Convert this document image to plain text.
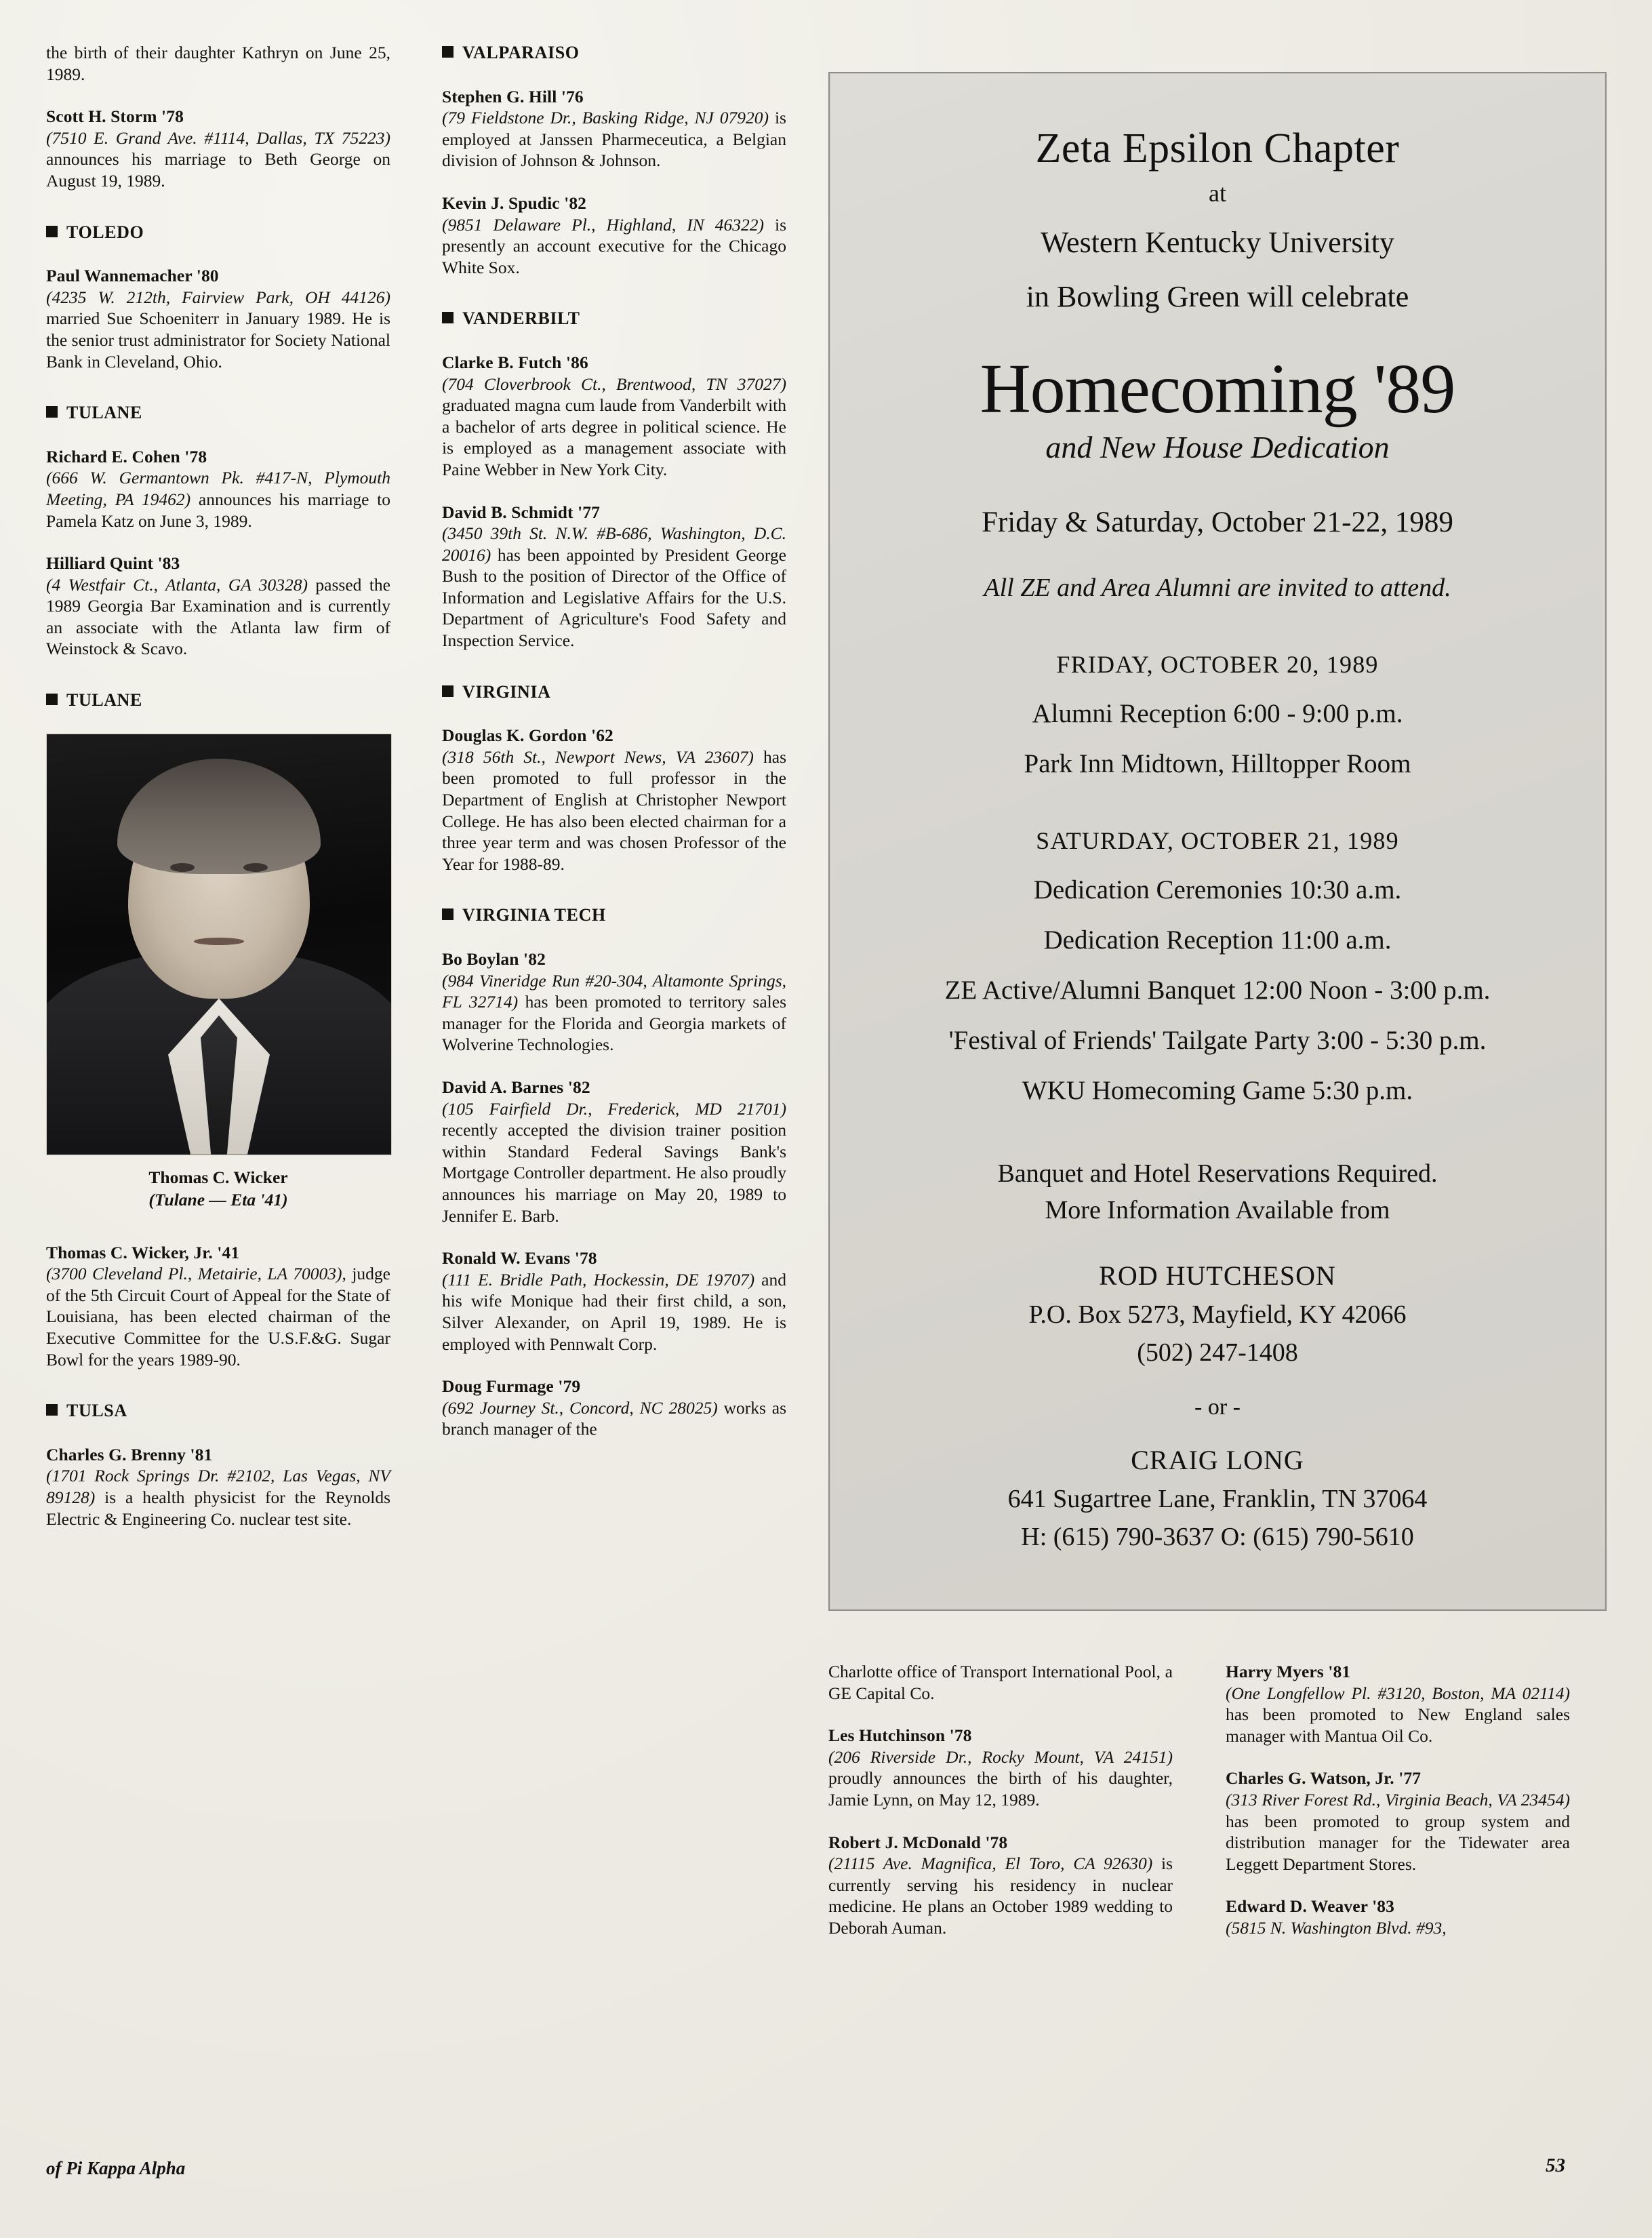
the birth of their daughter Kathryn on June 25, 1989.

Scott H. Storm '78
(7510 E. Grand Ave. #1114, Dallas, TX 75223) announces his marriage to Beth George on August 19, 1989.

TOLEDO

Paul Wannemacher '80
(4235 W. 212th, Fairview Park, OH 44126) married Sue Schoeniterr in January 1989. He is the senior trust administrator for Society National Bank in Cleveland, Ohio.

TULANE

Richard E. Cohen '78
(666 W. Germantown Pk. #417-N, Plymouth Meeting, PA 19462) announces his marriage to Pamela Katz on June 3, 1989.

Hilliard Quint '83
(4 Westfair Ct., Atlanta, GA 30328) passed the 1989 Georgia Bar Examination and is currently an associate with the Atlanta law firm of Weinstock & Scavo.

TULANE
Thomas C. Wicker
(Tulane — Eta '41)

Thomas C. Wicker, Jr. '41
(3700 Cleveland Pl., Metairie, LA 70003), judge of the 5th Circuit Court of Appeal for the State of Louisiana, has been elected chairman of the Executive Committee for the U.S.F.&G. Sugar Bowl for the years 1989-90.

TULSA

Charles G. Brenny '81
(1701 Rock Springs Dr. #2102, Las Vegas, NV 89128) is a health physicist for the Reynolds Electric & Engineering Co. nuclear test site.

VALPARAISO

Stephen G. Hill '76
(79 Fieldstone Dr., Basking Ridge, NJ 07920) is employed at Janssen Pharmeceutica, a Belgian division of Johnson & Johnson.

Kevin J. Spudic '82
(9851 Delaware Pl., Highland, IN 46322) is presently an account executive for the Chicago White Sox.

VANDERBILT

Clarke B. Futch '86
(704 Cloverbrook Ct., Brentwood, TN 37027) graduated magna cum laude from Vanderbilt with a bachelor of arts degree in political science. He is employed as a management associate with Paine Webber in New York City.

David B. Schmidt '77
(3450 39th St. N.W. #B-686, Washington, D.C. 20016) has been appointed by President George Bush to the position of Director of the Office of Information and Legislative Affairs for the U.S. Department of Agriculture's Food Safety and Inspection Service.

VIRGINIA

Douglas K. Gordon '62
(318 56th St., Newport News, VA 23607) has been promoted to full professor in the Department of English at Christopher Newport College. He has also been elected chairman for a three year term and was chosen Professor of the Year for 1988-89.

VIRGINIA TECH

Bo Boylan '82
(984 Vineridge Run #20-304, Altamonte Springs, FL 32714) has been promoted to territory sales manager for the Florida and Georgia markets of Wolverine Technologies.

David A. Barnes '82
(105 Fairfield Dr., Frederick, MD 21701) recently accepted the division trainer position within Standard Federal Savings Bank's Mortgage Controller department. He also proudly announces his marriage on May 20, 1989 to Jennifer E. Barb.

Ronald W. Evans '78
(111 E. Bridle Path, Hockessin, DE 19707) and his wife Monique had their first child, a son, Silver Alexander, on April 19, 1989. He is employed with Pennwalt Corp.

Doug Furmage '79
(692 Journey St., Concord, NC 28025) works as branch manager of the

Zeta Epsilon Chapter
at
Western Kentucky University
in Bowling Green will celebrate
Homecoming '89
and New House Dedication
Friday & Saturday, October 21-22, 1989
All ZE and Area Alumni are invited to attend.
FRIDAY, OCTOBER 20, 1989
Alumni Reception 6:00 - 9:00 p.m.
Park Inn Midtown, Hilltopper Room
SATURDAY, OCTOBER 21, 1989
Dedication Ceremonies 10:30 a.m.
Dedication Reception 11:00 a.m.
ZE Active/Alumni Banquet 12:00 Noon - 3:00 p.m.
'Festival of Friends' Tailgate Party 3:00 - 5:30 p.m.
WKU Homecoming Game 5:30 p.m.
Banquet and Hotel Reservations Required.
More Information Available from
ROD HUTCHESON
P.O. Box 5273, Mayfield, KY 42066
(502) 247-1408
- or -
CRAIG LONG
641 Sugartree Lane, Franklin, TN 37064
H: (615) 790-3637 O: (615) 790-5610

Charlotte office of Transport International Pool, a GE Capital Co.

Les Hutchinson '78
(206 Riverside Dr., Rocky Mount, VA 24151) proudly announces the birth of his daughter, Jamie Lynn, on May 12, 1989.

Robert J. McDonald '78
(21115 Ave. Magnifica, El Toro, CA 92630) is currently serving his residency in nuclear medicine. He plans an October 1989 wedding to Deborah Auman.

Harry Myers '81
(One Longfellow Pl. #3120, Boston, MA 02114) has been promoted to New England sales manager with Mantua Oil Co.

Charles G. Watson, Jr. '77
(313 River Forest Rd., Virginia Beach, VA 23454) has been promoted to group system and distribution manager for the Tidewater area Leggett Department Stores.

Edward D. Weaver '83
(5815 N. Washington Blvd. #93,

of Pi Kappa Alpha	53
